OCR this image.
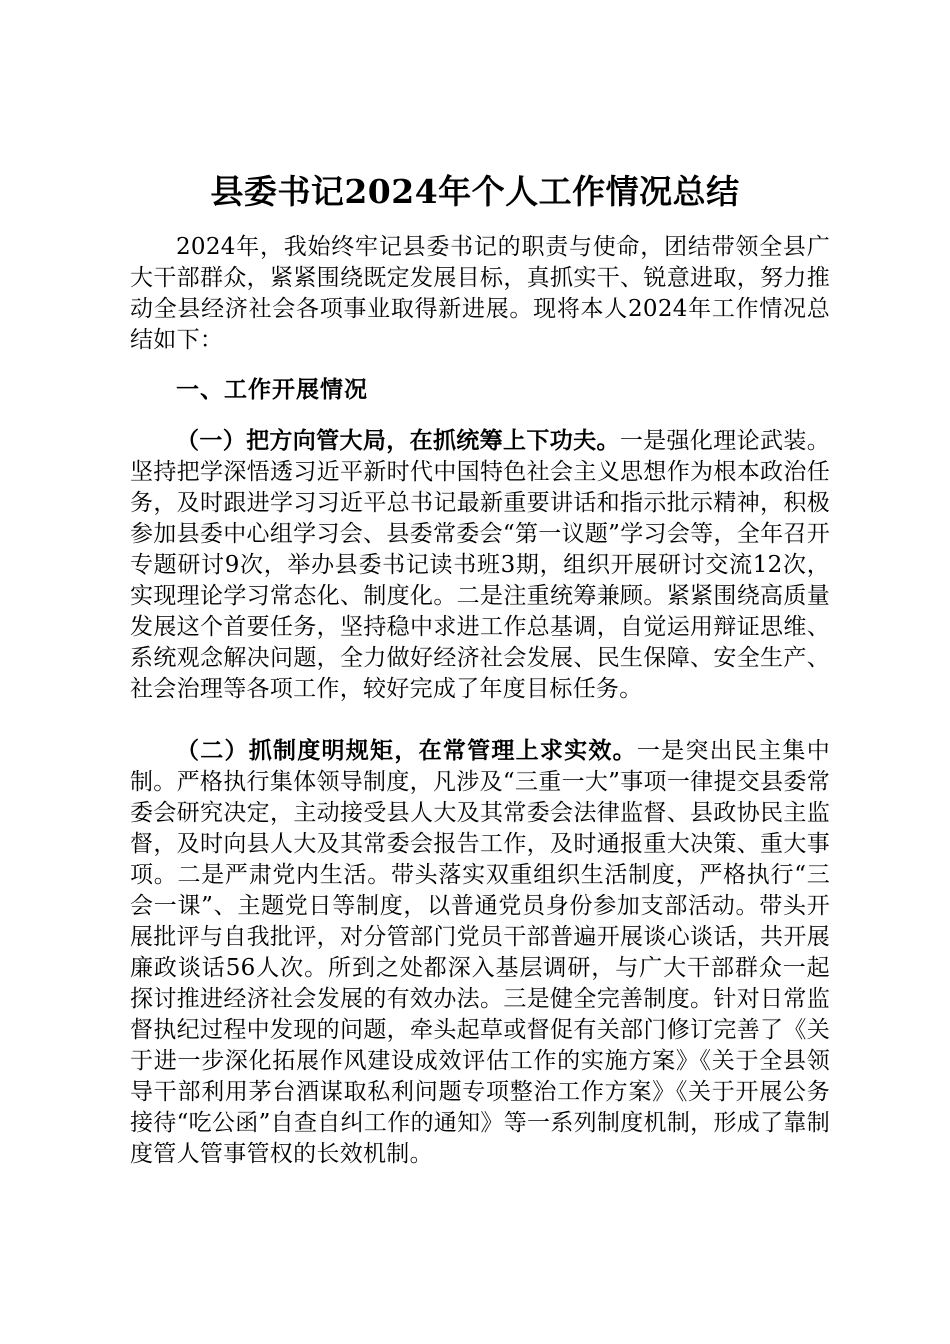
县委书记2024年个人工作情况总结
2024年，我始终牢记县委书记的职责与使命，团结带领全县广大干部群众，紧紧围绕既定发展目标，真抓实干、锐意进取，努力推动全县经济社会各项事业取得新进展。现将本人2024年工作情况总结如下：
一、工作开展情况
（一）把方向管大局，在抓统筹上下功夫。一是强化理论武装。坚持把学深悟透习近平新时代中国特色社会主义思想作为根本政治任务，及时跟进学习习近平总书记最新重要讲话和指示批示精神，积极参加县委中心组学习会、县委常委会“第一议题”学习会等，全年召开专题研讨9次，举办县委书记读书班3期，组织开展研讨交流12次，实现理论学习常态化、制度化。二是注重统筹兼顾。紧紧围绕高质量发展这个首要任务，坚持稳中求进工作总基调，自觉运用辩证思维、系统观念解决问题，全力做好经济社会发展、民生保障、安全生产、社会治理等各项工作，较好完成了年度目标任务。
（二）抓制度明规矩，在常管理上求实效。一是突出民主集中制。严格执行集体领导制度，凡涉及“三重一大”事项一律提交县委常委会研究决定，主动接受县人大及其常委会法律监督、县政协民主监督，及时向县人大及其常委会报告工作，及时通报重大决策、重大事项。二是严肃党内生活。带头落实双重组织生活制度，严格执行“三会一课”、主题党日等制度，以普通党员身份参加支部活动。带头开展批评与自我批评，对分管部门党员干部普遍开展谈心谈话，共开展廉政谈话56人次。所到之处都深入基层调研，与广大干部群众一起探讨推进经济社会发展的有效办法。三是健全完善制度。针对日常监督执纪过程中发现的问题，牵头起草或督促有关部门修订完善了《关于进一步深化拓展作风建设成效评估工作的实施方案》《关于全县领导干部利用茅台酒谋取私利问题专项整治工作方案》《关于开展公务接待“吃公函”自查自纠工作的通知》等一系列制度机制，形成了靠制度管人管事管权的长效机制。
